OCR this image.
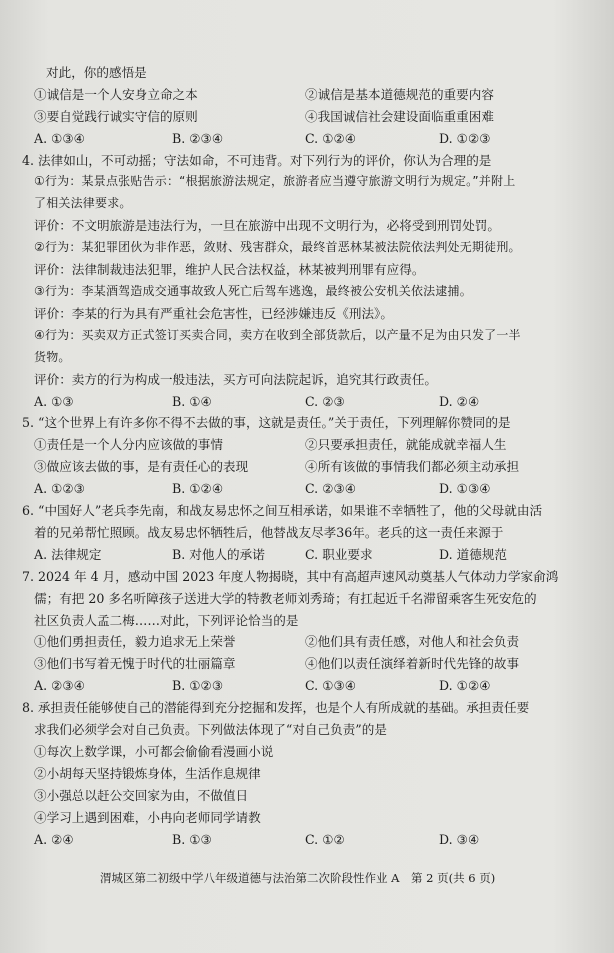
对此，你的感悟是
①诚信是一个人安身立命之本	②诚信是基本道德规范的重要内容
③要自觉践行诚实守信的原则	④我国诚信社会建设面临重重困难
A. ①③④	B. ②③④	C. ①②④	D. ①②③
4. 法律如山，不可动摇；守法如命，不可违背。对下列行为的评价，你认为合理的是
①行为：某景点张贴告示：“根据旅游法规定，旅游者应当遵守旅游文明行为规定。”并附上
了相关法律要求。
评价：不文明旅游是违法行为，一旦在旅游中出现不文明行为，必将受到刑罚处罚。
②行为：某犯罪团伙为非作恶，敛财、残害群众，最终首恶林某被法院依法判处无期徒刑。
评价：法律制裁违法犯罪，维护人民合法权益，林某被判刑罪有应得。
③行为：李某酒驾造成交通事故致人死亡后驾车逃逸，最终被公安机关依法逮捕。
评价：李某的行为具有严重社会危害性，已经涉嫌违反《刑法》。
④行为：买卖双方正式签订买卖合同，卖方在收到全部货款后，以产量不足为由只发了一半
货物。
评价：卖方的行为构成一般违法，买方可向法院起诉，追究其行政责任。
A. ①③	B. ①④	C. ②③	D. ②④
5. “这个世界上有许多你不得不去做的事，这就是责任。”关于责任，下列理解你赞同的是
①责任是一个人分内应该做的事情	②只要承担责任，就能成就幸福人生
③做应该去做的事，是有责任心的表现	④所有该做的事情我们都必须主动承担
A. ①②③	B. ①②④	C. ②③④	D. ①③④
6. “中国好人”老兵李先南，和战友易忠怀之间互相承诺，如果谁不幸牺牲了，他的父母就由活
着的兄弟帮忙照顾。战友易忠怀牺牲后，他替战友尽孝36年。老兵的这一责任来源于
A. 法律规定	B. 对他人的承诺	C. 职业要求	D. 道德规范
7. 2024 年 4 月，感动中国 2023 年度人物揭晓，其中有高超声速风动奠基人气体动力学家俞鸿
儒；有把 20 多名听障孩子送进大学的特教老师刘秀琦；有扛起近千名滞留乘客生死安危的
社区负责人孟二梅……对此，下列评论恰当的是
①他们勇担责任，毅力追求无上荣誉	②他们具有责任感，对他人和社会负责
③他们书写着无愧于时代的壮丽篇章	④他们以责任演绎着新时代先锋的故事
A. ②③④	B. ①②③	C. ①③④	D. ①②④
8. 承担责任能够使自己的潜能得到充分挖掘和发挥，也是个人有所成就的基础。承担责任要
求我们必须学会对自己负责。下列做法体现了“对自己负责”的是
①每次上数学课，小可都会偷偷看漫画小说
②小胡每天坚持锻炼身体，生活作息规律
③小强总以赶公交回家为由，不做值日
④学习上遇到困难，小冉向老师同学请教
A. ②④	B. ①③	C. ①②	D. ③④
渭城区第二初级中学八年级道德与法治第二次阶段性作业 A　第 2 页(共 6 页)
